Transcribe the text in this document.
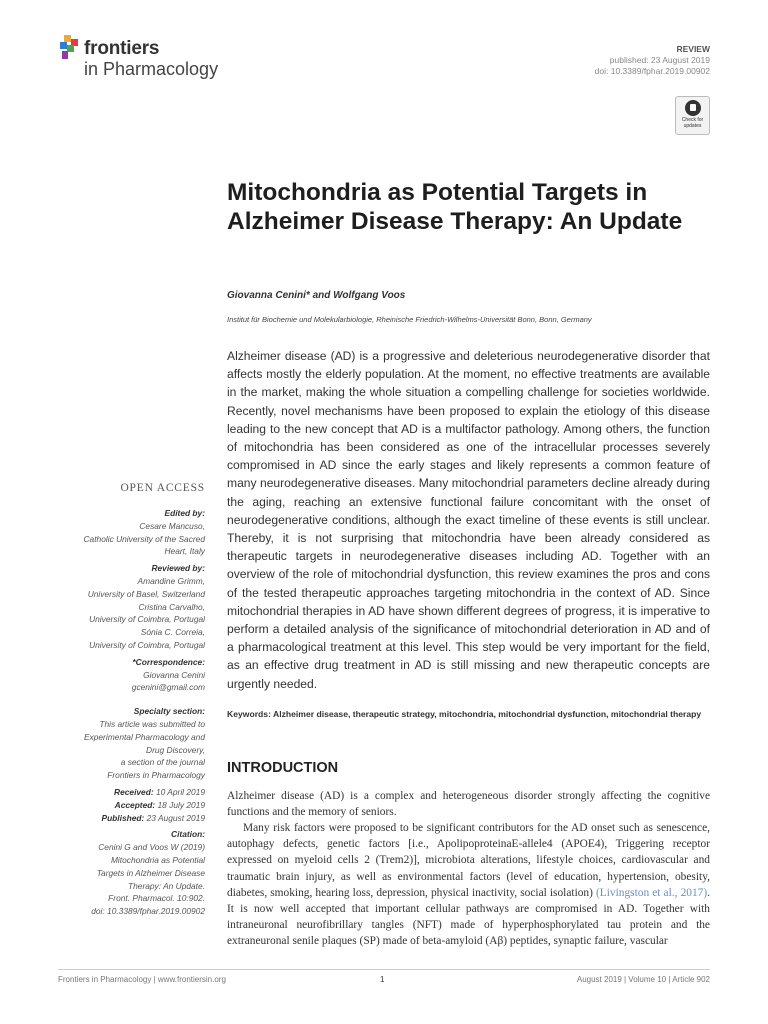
frontiers
in Pharmacology
REVIEW
published: 23 August 2019
doi: 10.3389/fphar.2019.00902
Check for updates
Mitochondria as Potential Targets in Alzheimer Disease Therapy: An Update
Giovanna Cenini* and Wolfgang Voos
Institut für Biochemie und Molekularbiologie, Rheinische Friedrich-Wilhelms-Universität Bonn, Bonn, Germany

Alzheimer disease (AD) is a progressive and deleterious neurodegenerative disorder that affects mostly the elderly population. At the moment, no effective treatments are available in the market, making the whole situation a compelling challenge for societies worldwide. Recently, novel mechanisms have been proposed to explain the etiology of this disease leading to the new concept that AD is a multifactor pathology. Among others, the function of mitochondria has been considered as one of the intracellular processes severely compromised in AD since the early stages and likely represents a common feature of many neurodegenerative diseases. Many mitochondrial parameters decline already during the aging, reaching an extensive functional failure concomitant with the onset of neurodegenerative conditions, although the exact timeline of these events is still unclear. Thereby, it is not surprising that mitochondria have been already considered as therapeutic targets in neurodegenerative diseases including AD. Together with an overview of the role of mitochondrial dysfunction, this review examines the pros and cons of the tested therapeutic approaches targeting mitochondria in the context of AD. Since mitochondrial therapies in AD have shown different degrees of progress, it is imperative to perform a detailed analysis of the significance of mitochondrial deterioration in AD and of a pharmacological treatment at this level. This step would be very important for the field, as an effective drug treatment in AD is still missing and new therapeutic concepts are urgently needed.

Keywords: Alzheimer disease, therapeutic strategy, mitochondria, mitochondrial dysfunction, mitochondrial therapy
OPEN ACCESS
Edited by:
Cesare Mancuso,
Catholic University of the Sacred
Heart, Italy
Reviewed by:
Amandine Grimm,
University of Basel, Switzerland
Cristina Carvalho,
University of Coimbra, Portugal
Sónia C. Correia,
University of Coimbra, Portugal
*Correspondence:
Giovanna Cenini
gcenini@gmail.com
Specialty section:
This article was submitted to
Experimental Pharmacology and
Drug Discovery,
a section of the journal
Frontiers in Pharmacology
Received: 10 April 2019
Accepted: 18 July 2019
Published: 23 August 2019
Citation:
Cenini G and Voos W (2019)
Mitochondria as Potential
Targets in Alzheimer Disease
Therapy: An Update.
Front. Pharmacol. 10:902.
doi: 10.3389/fphar.2019.00902
INTRODUCTION

Alzheimer disease (AD) is a complex and heterogeneous disorder strongly affecting the cognitive functions and the memory of seniors.

Many risk factors were proposed to be significant contributors for the AD onset such as senescence, autophagy defects, genetic factors [i.e., ApolipoproteinaE-allele4 (APOE4), Triggering receptor expressed on myeloid cells 2 (Trem2)], microbiota alterations, lifestyle choices, cardiovascular and traumatic brain injury, as well as environmental factors (level of education, hypertension, obesity, diabetes, smoking, hearing loss, depression, physical inactivity, social isolation) (Livingston et al., 2017). It is now well accepted that important cellular pathways are compromised in AD. Together with intraneuronal neurofibrillary tangles (NFT) made of hyperphosphorylated tau protein and the extraneuronal senile plaques (SP) made of beta-amyloid (Aβ) peptides, synaptic failure, vascular

Frontiers in Pharmacology | www.frontiersin.org	1	August 2019 | Volume 10 | Article 902
